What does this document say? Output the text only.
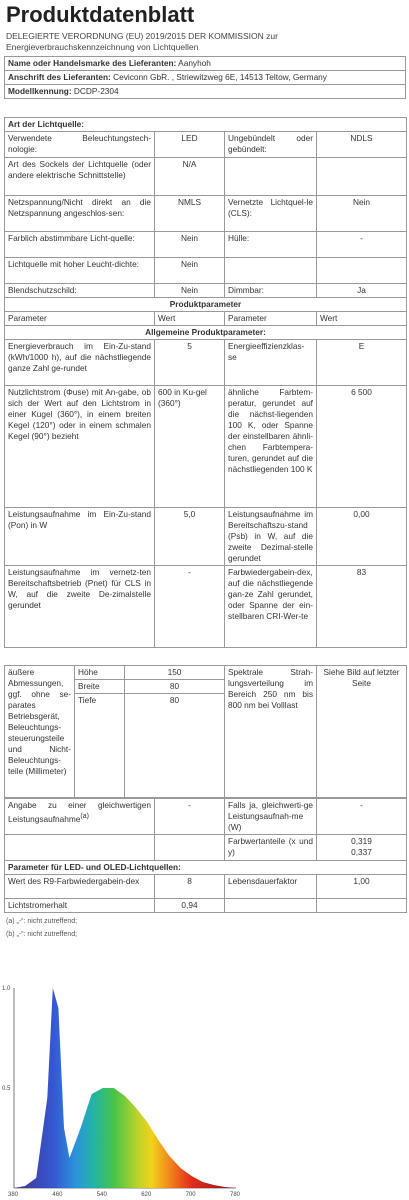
Produktdatenblatt
DELEGIERTE VERORDNUNG (EU) 2019/2015 DER KOMMISSION zur Energieverbrauchskennzeichnung von Lichtquellen
Name oder Handelsmarke des Lieferanten: Aanyhoh
Anschrift des Lieferanten: Ceviconn GbR. , Striewitzweg 6E, 14513 Teltow, Germany
Modellkennung: DCDP-2304
Art der Lichtquelle:			
Verwendete Beleuchtungstech-nologie:	LED	Ungebündelt oder gebündelt:	NDLS
Art des Sockels der Lichtquelle (oder andere elektrische Schnittstelle)	N/A		
Netzspannung/Nicht direkt an die Netzspannung angeschlos-sen:	NMLS	Vernetzte Lichtquel-le (CLS):	Nein
Farblich abstimmbare Licht-quelle:	Nein	Hülle:	-
Lichtquelle mit hoher Leucht-dichte:	Nein		
Blendschutzschild:	Nein	Dimmbar:	Ja
Produktparameter			
Parameter	Wert	Parameter	Wert
Allgemeine Produktparameter:			
Energieverbrauch im Ein-Zu-stand (kWh/1000 h), auf die nächstliegende ganze Zahl ge-rundet	5	Energieeffizienzklas-se	E
Nutzlichtstrom (Φuse) mit An-gabe, ob sich der Wert auf den Lichtstrom in einer Kugel (360°), in einem breiten Kegel (120°) oder in einem schmalen Kegel (90°) bezieht	600 in Ku-gel (360°)	ähnliche Farbtem-peratur, gerundet auf die nächst-liegenden 100 K, oder Spanne der einstellbaren ähnli-chen Farbtempera-turen, gerundet auf die nächstliegenden 100 K	6 500
Leistungsaufnahme im Ein-Zu-stand (Pon) in W	5,0	Leistungsaufnahme im Bereitschaftszu-stand (Psb) in W, auf die zweite Dezimal-stelle gerundet	0,00
Leistungsaufnahme im vernetz-ten Bereitschaftsbetrieb (Pnet) für CLS in W, auf die zweite De-zimalstelle gerundet	-	Farbwiedergabein-dex, auf die nächstliegende gan-ze Zahl gerundet, oder Spanne der ein-stellbaren CRI-Wer-te	83
äußere Abmessungen, ggf. ohne se-parates Betriebsgerät, Beleuchtungs-steuerungsteile und Nicht-Beleuchtungs-teile (Millimeter)	Höhe	150	Spektrale Strah-lungsverteilung im Bereich 250 nm bis 800 nm bei Volllast	Siehe Bild auf letzter Seite
	Breite	80		
	Tiefe	80		
Angabe zu einer gleichwertigen Leistungsaufnahme$^{(a)}$	-	Falls ja, gleichwerti-ge Leistungsaufnah-me (W)	-
		Farbwertanteile (x und y)	0,319
0,337

Parameter für LED- und OLED-Lichtquellen:			
Wert des R9-Farbwiedergabein-dex	8	Lebensdauerfaktor	1,00
Lichtstromerhalt	0,94		
(a) „-“: nicht zutreffend;
(b) „-“: nicht zutreffend;
0.5
1.0
380	460	540	620	700	780
